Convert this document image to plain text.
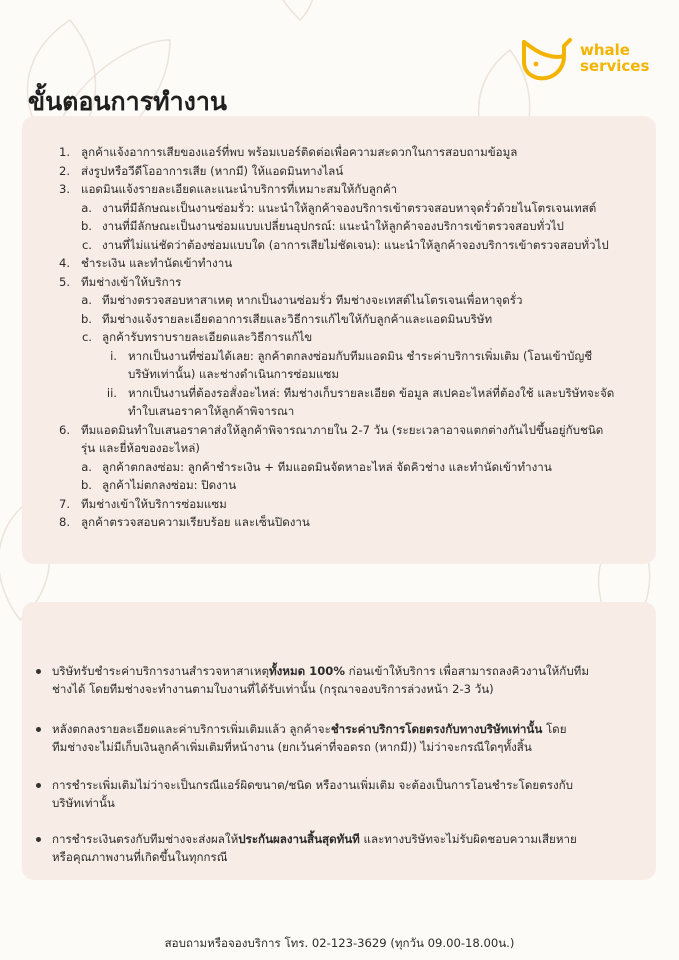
whale
services
ขั้นตอนการทำงาน
1. ลูกค้าแจ้งอาการเสียของแอร์ที่พบ พร้อมเบอร์ติดต่อเพื่อความสะดวกในการสอบถามข้อมูล
2. ส่งรูปหรือวีดีโออาการเสีย (หากมี) ให้แอดมินทางไลน์
3. แอดมินแจ้งรายละเอียดและแนะนำบริการที่เหมาะสมให้กับลูกค้า
a. งานที่มีลักษณะเป็นงานซ่อมรั่ว: แนะนำให้ลูกค้าจองบริการเข้าตรวจสอบหาจุดรั่วด้วยไนโตรเจนเทสต์
b. งานที่มีลักษณะเป็นงานซ่อมแบบเปลี่ยนอุปกรณ์: แนะนำให้ลูกค้าจองบริการเข้าตรวจสอบทั่วไป
c. งานที่ไม่แน่ชัดว่าต้องซ่อมแบบใด (อาการเสียไม่ชัดเจน): แนะนำให้ลูกค้าจองบริการเข้าตรวจสอบทั่วไป
4. ชำระเงิน และทำนัดเข้าทำงาน
5. ทีมช่างเข้าให้บริการ
a. ทีมช่างตรวจสอบหาสาเหตุ หากเป็นงานซ่อมรั่ว ทีมช่างจะเทสต์ไนโตรเจนเพื่อหาจุดรั่ว
b. ทีมช่างแจ้งรายละเอียดอาการเสียและวิธีการแก้ไขให้กับลูกค้าและแอดมินบริษัท
c. ลูกค้ารับทราบรายละเอียดและวิธีการแก้ไข
i. หากเป็นงานที่ซ่อมได้เลย: ลูกค้าตกลงซ่อมกับทีมแอดมิน ชำระค่าบริการเพิ่มเติม (โอนเข้าบัญชี
บริษัทเท่านั้น) และช่างดำเนินการซ่อมแซม
ii. หากเป็นงานที่ต้องรอสั่งอะไหล่: ทีมช่างเก็บรายละเอียด ข้อมูล สเปคอะไหล่ที่ต้องใช้ และบริษัทจะจัด
ทำใบเสนอราคาให้ลูกค้าพิจารณา
6. ทีมแอดมินทำใบเสนอราคาส่งให้ลูกค้าพิจารณาภายใน 2-7 วัน (ระยะเวลาอาจแตกต่างกันไปขึ้นอยู่กับชนิด
รุ่น และยี่ห้อของอะไหล่)
a. ลูกค้าตกลงซ่อม: ลูกค้าชำระเงิน + ทีมแอดมินจัดหาอะไหล่ จัดคิวช่าง และทำนัดเข้าทำงาน
b. ลูกค้าไม่ตกลงซ่อม: ปิดงาน
7. ทีมช่างเข้าให้บริการซ่อมแซม
8. ลูกค้าตรวจสอบความเรียบร้อย และเซ็นปิดงาน

บริษัทรับชำระค่าบริการงานสำรวจหาสาเหตุทั้งหมด 100% ก่อนเข้าให้บริการ เพื่อสามารถลงคิวงานให้กับทีม

ช่างได้ โดยทีมช่างจะทำงานตามใบงานที่ได้รับเท่านั้น (กรุณาจองบริการล่วงหน้า 2-3 วัน)

หลังตกลงรายละเอียดและค่าบริการเพิ่มเติมแล้ว ลูกค้าจะชำระค่าบริการโดยตรงกับทางบริษัทเท่านั้น โดย

ทีมช่างจะไม่มีเก็บเงินลูกค้าเพิ่มเติมที่หน้างาน (ยกเว้นค่าที่จอดรถ (หากมี)) ไม่ว่าจะกรณีใดๆทั้งสิ้น

การชำระเพิ่มเติมไม่ว่าจะเป็นกรณีแอร์ผิดขนาด/ชนิด หรืองานเพิ่มเติม จะต้องเป็นการโอนชำระโดยตรงกับ

บริษัทเท่านั้น

การชำระเงินตรงกับทีมช่างจะส่งผลให้ประกันผลงานสิ้นสุดทันที และทางบริษัทจะไม่รับผิดชอบความเสียหาย

หรือคุณภาพงานที่เกิดขึ้นในทุกกรณี

สอบถามหรือจองบริการ โทร. 02-123-3629 (ทุกวัน 09.00-18.00น.)
